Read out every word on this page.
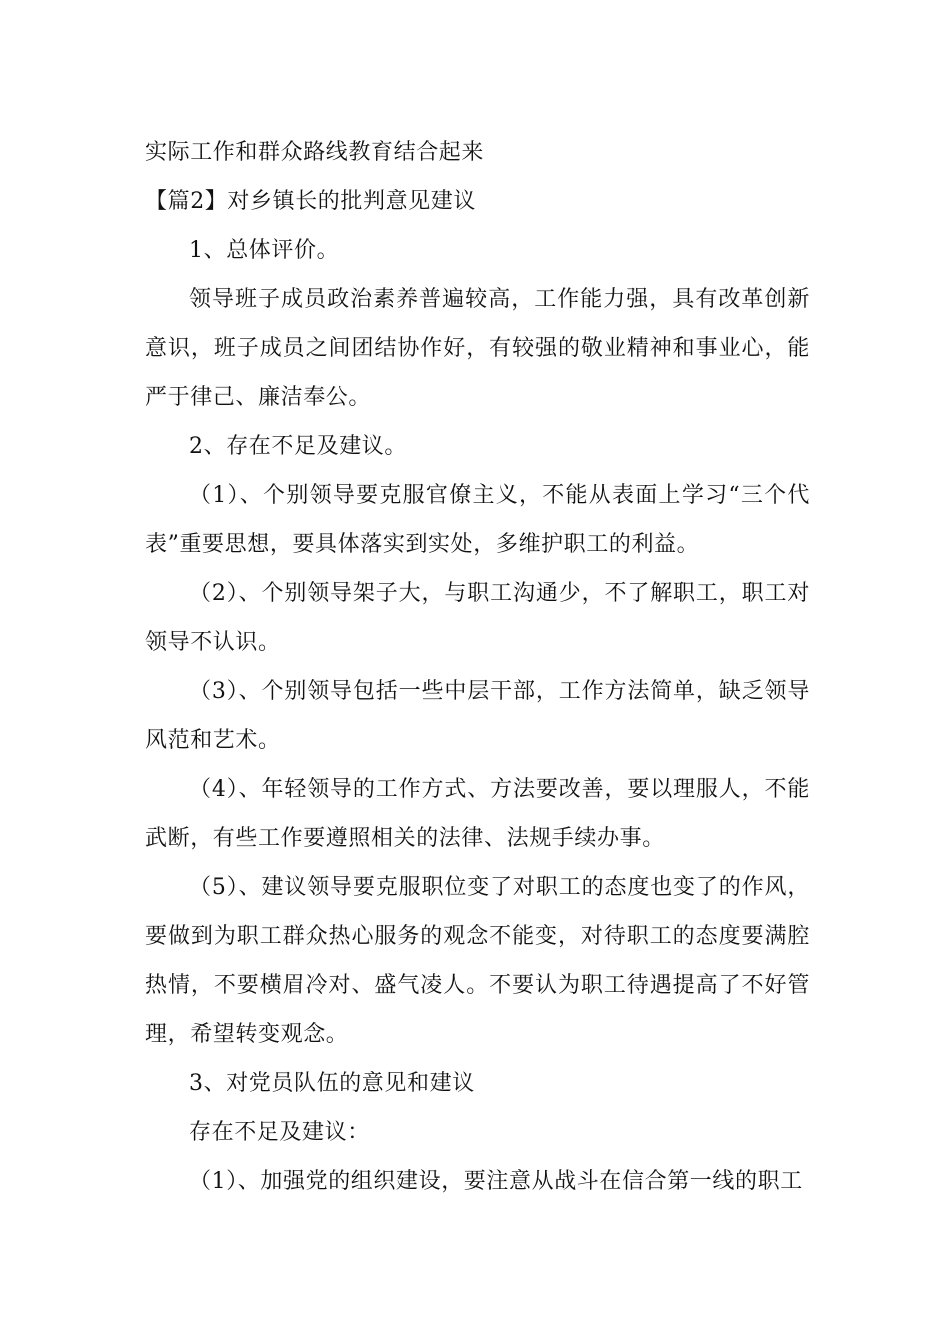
实际工作和群众路线教育结合起来

【篇2】对乡镇长的批判意见建议

1、总体评价。

领导班子成员政治素养普遍较高，工作能力强，具有改革创新意识，班子成员之间团结协作好，有较强的敬业精神和事业心，能严于律己、廉洁奉公。

2、存在不足及建议。

（1）、个别领导要克服官僚主义，不能从表面上学习“三个代表”重要思想，要具体落实到实处，多维护职工的利益。

（2）、个别领导架子大，与职工沟通少，不了解职工，职工对领导不认识。

（3）、个别领导包括一些中层干部，工作方法简单，缺乏领导风范和艺术。

（4）、年轻领导的工作方式、方法要改善，要以理服人，不能武断，有些工作要遵照相关的法律、法规手续办事。

（5）、建议领导要克服职位变了对职工的态度也变了的作风，要做到为职工群众热心服务的观念不能变，对待职工的态度要满腔热情，不要横眉冷对、盛气凌人。不要认为职工待遇提高了不好管理，希望转变观念。

3、对党员队伍的意见和建议

存在不足及建议：

（1）、加强党的组织建设，要注意从战斗在信合第一线的职工
